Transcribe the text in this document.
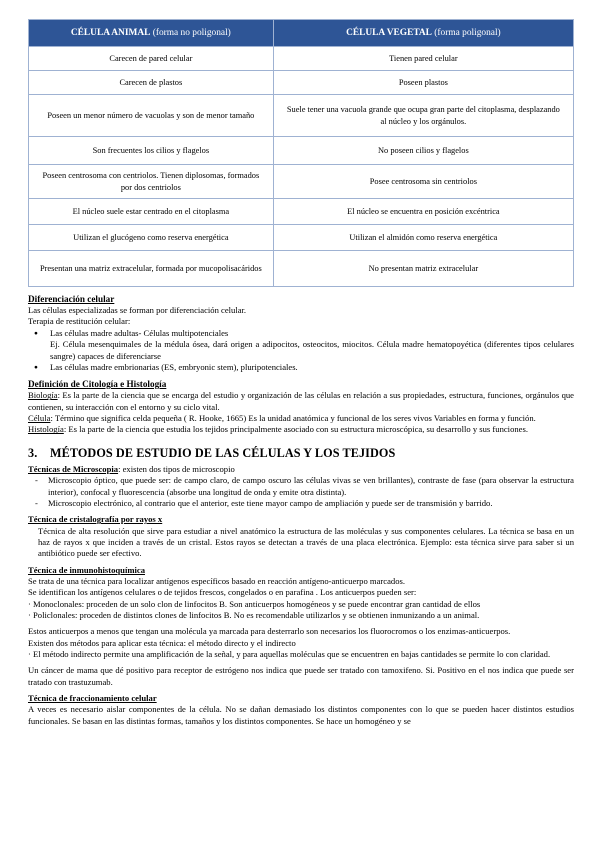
CÉLULA ANIMAL (forma no poligonal)	CÉLULA VEGETAL (forma poligonal)
Carecen de pared celular	Tienen pared celular
Carecen de plastos	Poseen plastos
Poseen un menor número de vacuolas y son de menor tamaño	Suele tener una vacuola grande que ocupa gran parte del citoplasma, desplazando al núcleo y los orgánulos.
Son frecuentes los cilios y flagelos	No poseen cilios y flagelos
Poseen centrosoma con centriolos. Tienen diplosomas, formados por dos centriolos	Posee centrosoma sin centriolos
El núcleo suele estar centrado en el citoplasma	El núcleo se encuentra en posición excéntrica
Utilizan el glucógeno como reserva energética	Utilizan el almidón como reserva energética
Presentan una matriz extracelular, formada por mucopolisacáridos	No presentan matriz extracelular
Diferenciación celular

Las células especializadas se forman por diferenciación celular.

Terapia de restitución celular:

● Las células madre adultas- Células multipotenciales

Ej. Célula mesenquimales de la médula ósea, dará origen a adipocitos, osteocitos, miocitos. Célula madre hematopoyética (diferentes tipos celulares sangre) capaces de diferenciarse
● Las células madre embrionarias (ES, embryonic stem), pluripotenciales.
Definición de Citología e Histología

Biología: Es la parte de la ciencia que se encarga del estudio y organización de las células en relación a sus propiedades, estructura, funciones, orgánulos que contienen, su interacción con el entorno y su ciclo vital.

Célula: Término que significa celda pequeña ( R. Hooke, 1665) Es la unidad anatómica y funcional de los seres vivos Variables en forma y función.

Histología: Es la parte de la ciencia que estudia los tejidos principalmente asociado con su estructura microscópica, su desarrollo y sus funciones.

3. MÉTODOS DE ESTUDIO DE LAS CÉLULAS Y LOS TEJIDOS

Técnicas de Microscopia: existen dos tipos de microscopio

- Microscopio óptico, que puede ser: de campo claro, de campo oscuro las células vivas se ven brillantes), contraste de fase (para observar la estructura interior), confocal y fluorescencia (absorbe una longitud de onda y emite otra distinta).
- Microscopio electrónico, al contrario que el anterior, este tiene mayor campo de ampliación y puede ser de transmisión y barrido.
Técnica de cristalografía por rayos x

Técnica de alta resolución que sirve para estudiar a nivel anatómico la estructura de las moléculas y sus componentes celulares. La técnica se basa en un haz de rayos x que inciden a través de un cristal. Estos rayos se detectan a través de una placa electrónica. Ejemplo: esta técnica sirve para saber si un antibiótico puede ser efectivo.

Técnica de inmunohistoquímica

Se trata de una técnica para localizar antígenos específicos basado en reacción antígeno-anticuerpo marcados.

Se identifican los antígenos celulares o de tejidos frescos, congelados o en parafina . Los anticuerpos pueden ser:

· Monoclonales: proceden de un solo clon de linfocitos B. Son anticuerpos homogéneos y se puede encontrar gran cantidad de ellos

· Policlonales: proceden de distintos clones de linfocitos B. No es recomendable utilizarlos y se obtienen inmunizando a un animal.

Estos anticuerpos a menos que tengan una molécula ya marcada para desterrarlo son necesarios los fluorocromos o los enzimas-anticuerpos.

Existen dos métodos para aplicar esta técnica: el método directo y el indirecto

· El método indirecto permite una amplificación de la señal, y para aquellas moléculas que se encuentren en bajas cantidades se permite lo con claridad.

Un cáncer de mama que dé positivo para receptor de estrógeno nos indica que puede ser tratado con tamoxifeno. Si. Positivo en el nos indica que puede ser tratado con trastuzumab.

Técnica de fraccionamiento celular

A veces es necesario aislar componentes de la célula. No se dañan demasiado los distintos componentes con lo que se pueden hacer distintos estudios funcionales. Se basan en las distintas formas, tamaños y los distintos componentes. Se hace un homogéneo y se
